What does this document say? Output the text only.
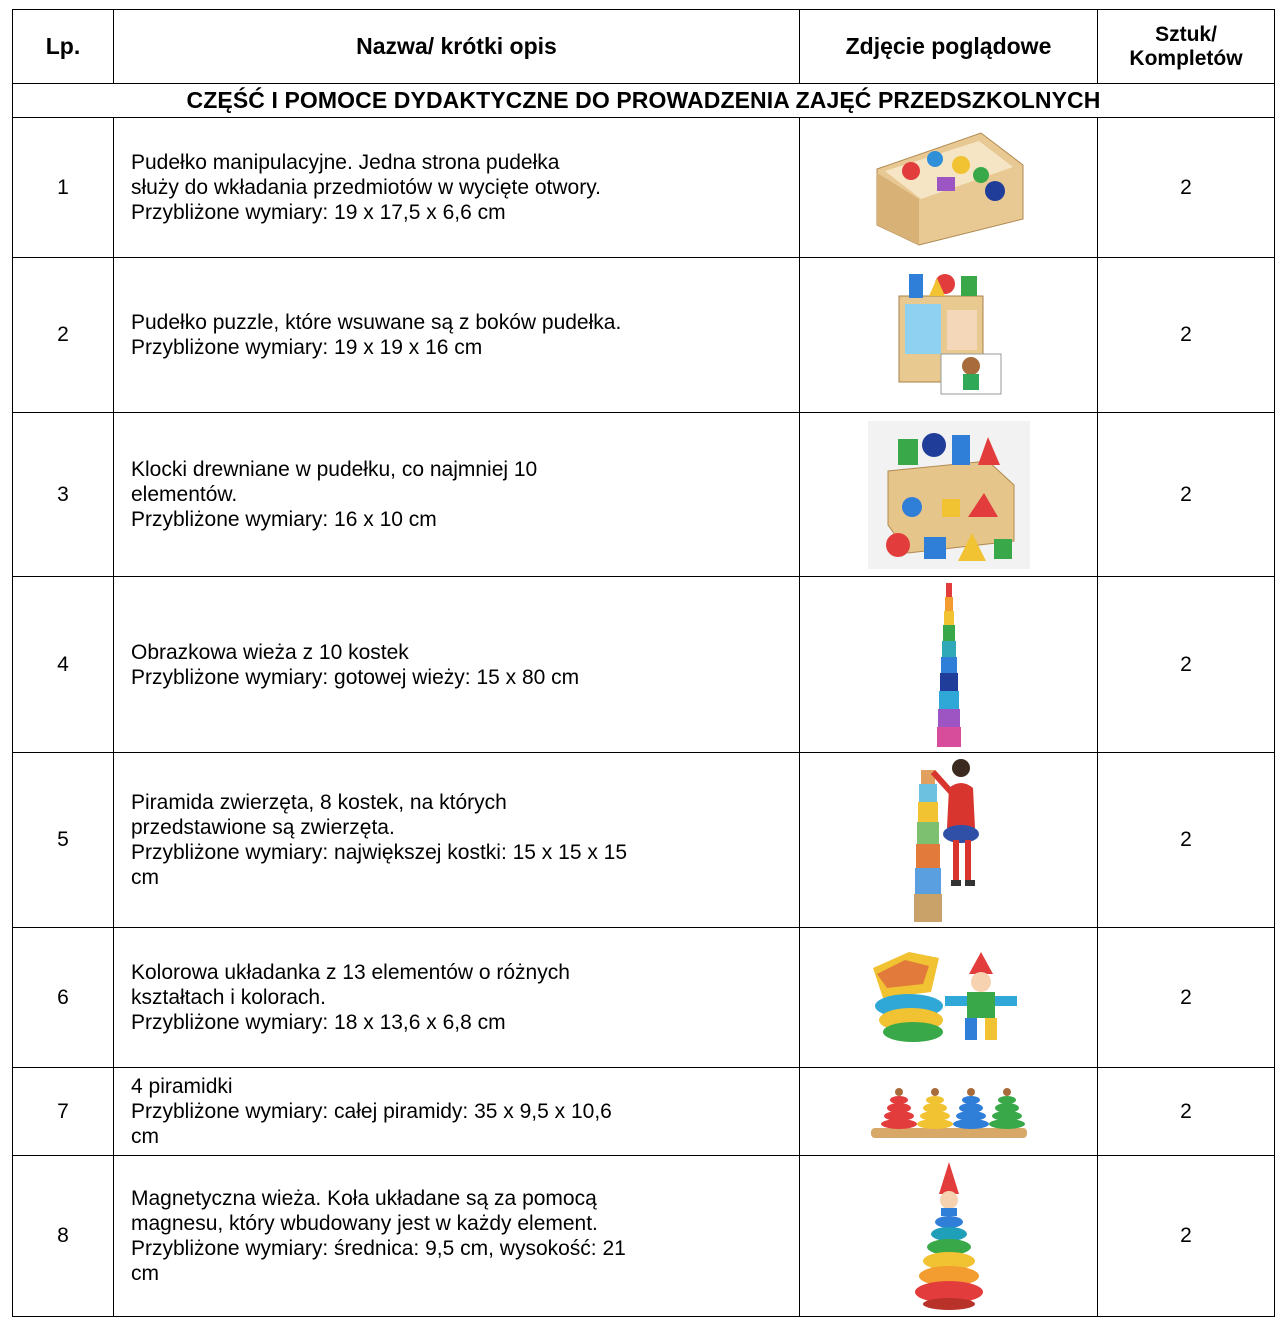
Lp.	Nazwa/ krótki opis	Zdjęcie poglądowe	Sztuk/
Kompletów

CZĘŚĆ I POMOCE DYDAKTYCZNE DO PROWADZENIA ZAJĘĆ PRZEDSZKOLNYCH			
1	Pudełko manipulacyjne. Jedna strona pudełka
służy do wkładania przedmiotów w wycięte otwory.
Przybliżone wymiary: 19 x 17,5 x 6,6 cm		2
2	Pudełko puzzle, które wsuwane są z boków pudełka.
Przybliżone wymiary: 19 x 19 x 16 cm		2
3	Klocki drewniane w pudełku, co najmniej 10
elementów.
Przybliżone wymiary: 16 x 10 cm		2
4	Obrazkowa wieża z 10 kostek
Przybliżone wymiary: gotowej wieży: 15 x 80 cm		2
5	Piramida zwierzęta, 8 kostek, na których
przedstawione są zwierzęta.
Przybliżone wymiary: największej kostki: 15 x 15 x 15
cm		2
6	Kolorowa układanka z 13 elementów o różnych
kształtach i kolorach.
Przybliżone wymiary: 18 x 13,6 x 6,8 cm		2
7	4 piramidki
Przybliżone wymiary: całej piramidy: 35 x 9,5 x 10,6
cm		2
8	Magnetyczna wieża. Koła układane są za pomocą
magnesu, który wbudowany jest w każdy element.
Przybliżone wymiary: średnica: 9,5 cm, wysokość: 21
cm		2
